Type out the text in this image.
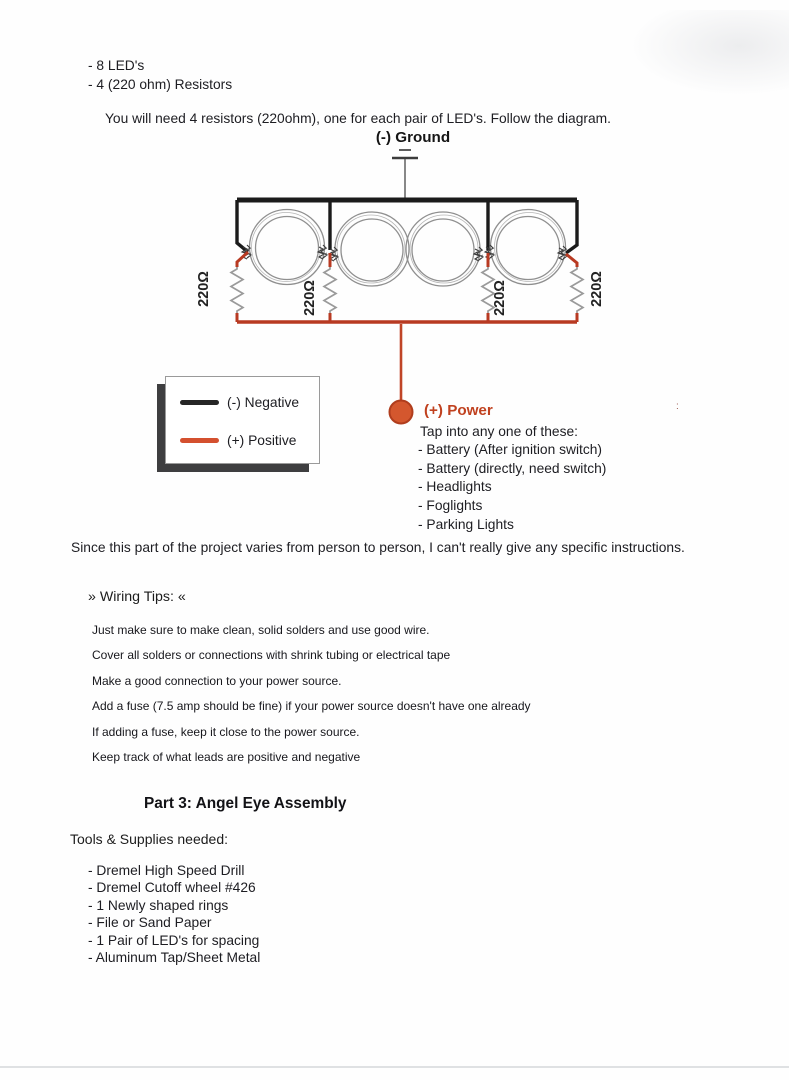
:
- 8 LED's
- 4 (220 ohm) Resistors
You will need 4 resistors (220ohm), one for each pair of LED's. Follow the diagram.
(-) Ground
220Ω	220Ω	220Ω	220Ω
(-) Negative
(+) Positive
(+) Power
Tap into any one of these:
- Battery (After ignition switch)
- Battery (directly, need switch)
- Headlights
- Foglights
- Parking Lights
Since this part of the project varies from person to person, I can't really give any specific instructions.
» Wiring Tips: «
Just make sure to make clean, solid solders and use good wire.
Cover all solders or connections with shrink tubing or electrical tape
Make a good connection to your power source.
Add a fuse (7.5 amp should be fine) if your power source doesn't have one already
If adding a fuse, keep it close to the power source.
Keep track of what leads are positive and negative
Part 3: Angel Eye Assembly
Tools & Supplies needed:
- Dremel High Speed Drill
- Dremel Cutoff wheel #426
- 1 Newly shaped rings
- File or Sand Paper
- 1 Pair of LED's for spacing
- Aluminum Tap/Sheet Metal
